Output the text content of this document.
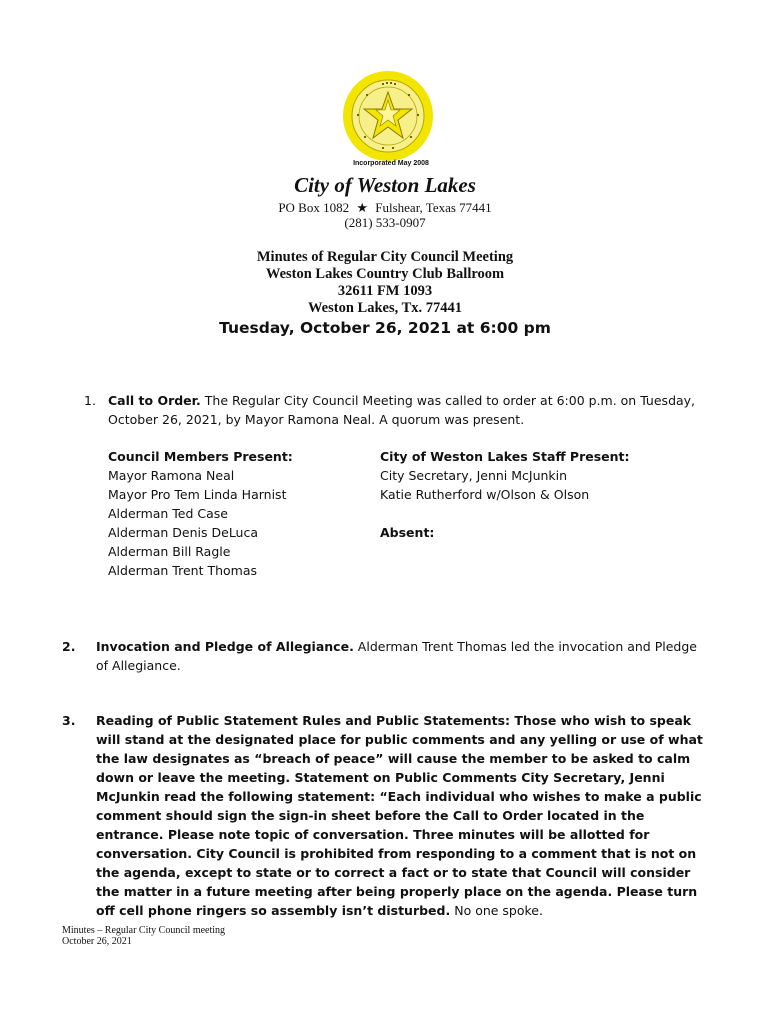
Incorporated May 2008
City of Weston Lakes
PO Box 1082 ★ Fulshear, Texas 77441
(281) 533-0907
Minutes of Regular City Council Meeting
Weston Lakes Country Club Ballroom
32611 FM 1093
Weston Lakes, Tx. 77441
Tuesday, October 26, 2021 at 6:00 pm
1. Call to Order. The Regular City Council Meeting was called to order at 6:00 p.m. on Tuesday, October 26, 2021, by Mayor Ramona Neal. A quorum was present.
Council Members Present:
Mayor Ramona Neal
Mayor Pro Tem Linda Harnist
Alderman Ted Case
Alderman Denis DeLuca
Alderman Bill Ragle
Alderman Trent Thomas
City of Weston Lakes Staff Present:
City Secretary, Jenni McJunkin
Katie Rutherford w/Olson & Olson
Absent:
2. Invocation and Pledge of Allegiance. Alderman Trent Thomas led the invocation and Pledge of Allegiance.
3. Reading of Public Statement Rules and Public Statements: Those who wish to speak will stand at the designated place for public comments and any yelling or use of what the law designates as “breach of peace” will cause the member to be asked to calm down or leave the meeting. Statement on Public Comments City Secretary, Jenni McJunkin read the following statement: “Each individual who wishes to make a public comment should sign the sign-in sheet before the Call to Order located in the entrance. Please note topic of conversation. Three minutes will be allotted for conversation. City Council is prohibited from responding to a comment that is not on the agenda, except to state or to correct a fact or to state that Council will consider the matter in a future meeting after being properly place on the agenda. Please turn off cell phone ringers so assembly isn’t disturbed. No one spoke.
Minutes – Regular City Council meeting
October 26, 2021
